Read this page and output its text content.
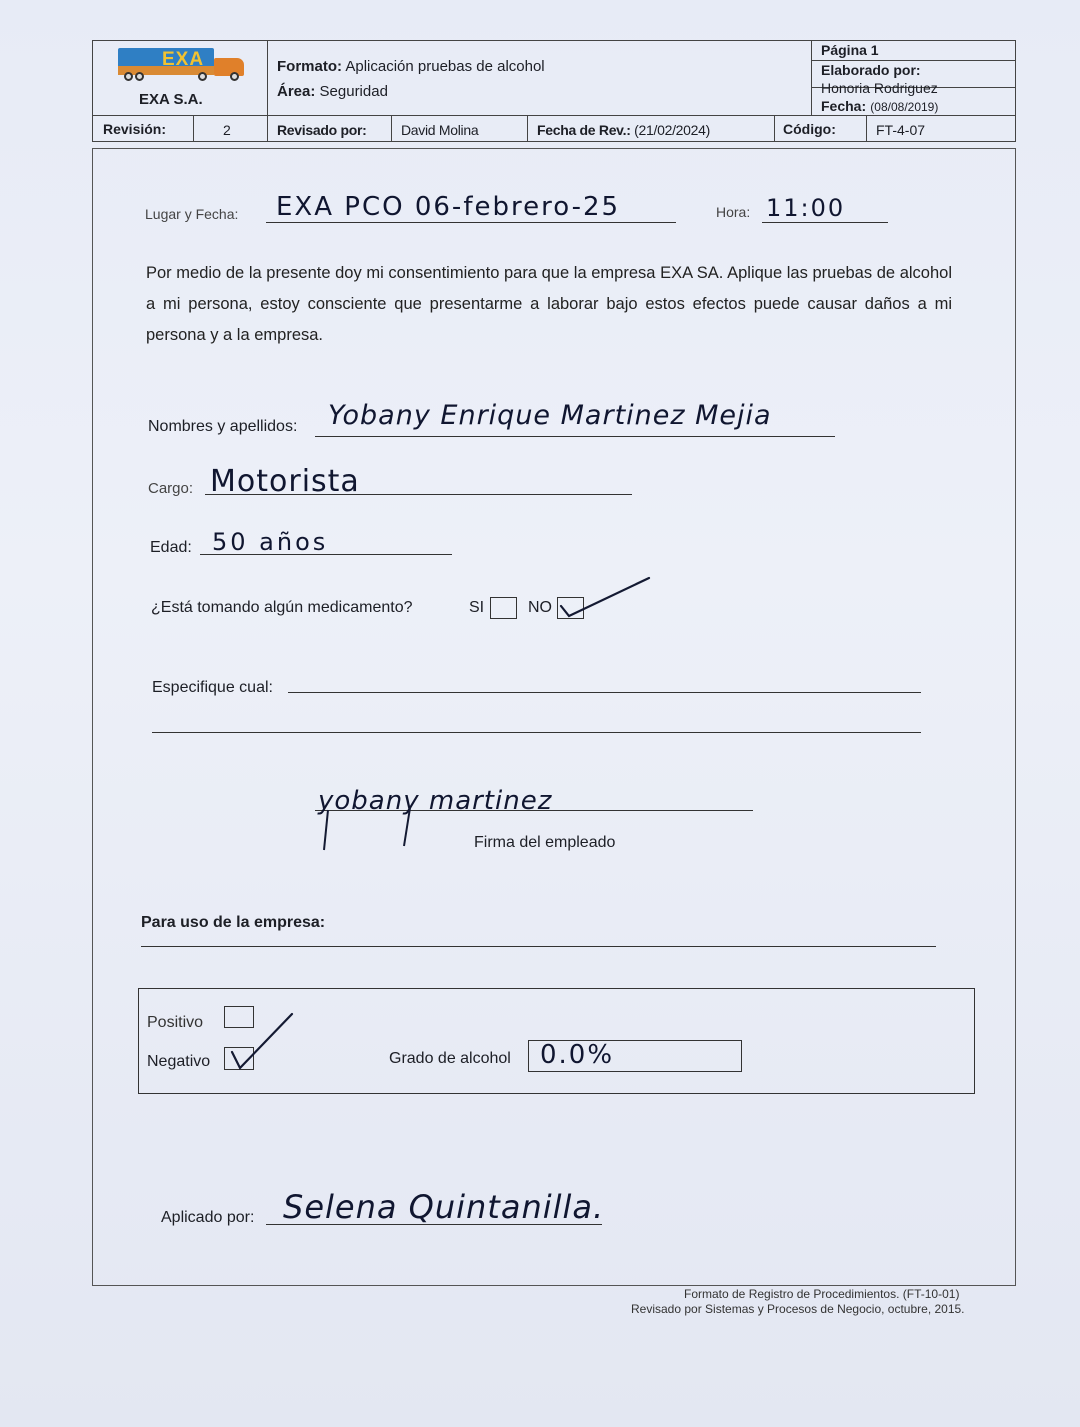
EXA
EXA S.A.
Formato: Aplicación pruebas de alcohol
Área: Seguridad
Página 1
Elaborado por:
Honoria Rodriguez
Fecha: (08/08/2019)
Revisión:	2	Revisado por: David Molina	Fecha de Rev.: (21/02/2024)	Código:	FT-4-07
Lugar y Fecha: EXA PCO 06-febrero-25	Hora: 11:00

Por medio de la presente doy mi consentimiento para que la empresa EXA SA. Aplique las pruebas de alcohol a mi persona, estoy consciente que presentarme a laborar bajo estos efectos puede causar daños a mi persona y a la empresa.

Nombres y apellidos: Yobany Enrique Martinez Mejia
Cargo: Motorista
Edad: 50 años
¿Está tomando algún medicamento?	SI	NO
Especifique cual:
yobany martinez
Firma del empleado
Para uso de la empresa:
Positivo
Negativo	Grado de alcohol 0.0%
Aplicado por: Selena Quintanilla.
Formato de Registro de Procedimientos. (FT-10-01)
Revisado por Sistemas y Procesos de Negocio, octubre, 2015.
